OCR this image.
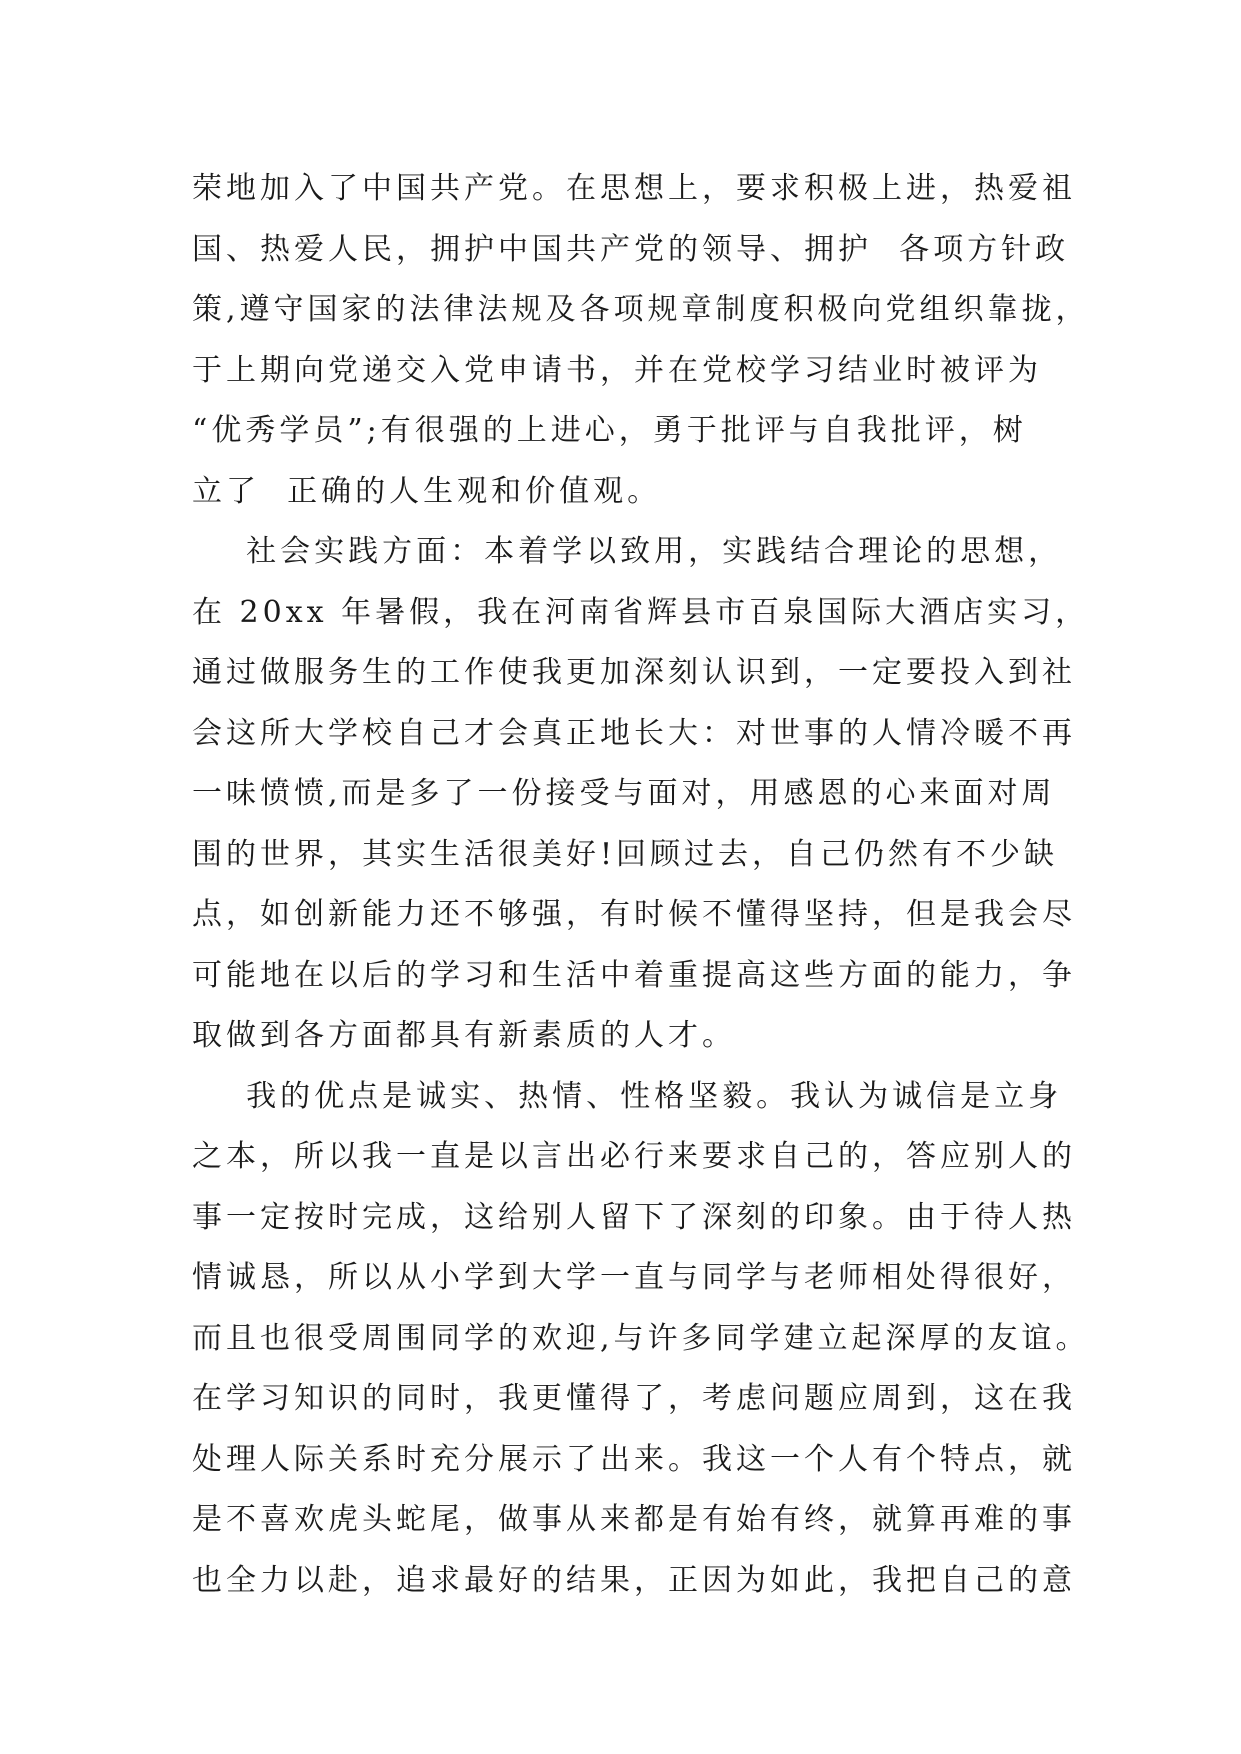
荣地加入了中国共产党。在思想上，要求积极上进，热爱祖
国、热爱人民，拥护中国共产党的领导、拥护  各项方针政
策,遵守国家的法律法规及各项规章制度积极向党组织靠拢，
于上期向党递交入党申请书，并在党校学习结业时被评为
“优秀学员”;有很强的上进心，勇于批评与自我批评，树
立了  正确的人生观和价值观。
社会实践方面：本着学以致用，实践结合理论的思想，
在 20xx 年暑假，我在河南省辉县市百泉国际大酒店实习，
通过做服务生的工作使我更加深刻认识到，一定要投入到社
会这所大学校自己才会真正地长大：对世事的人情冷暖不再
一味愤愤,而是多了一份接受与面对，用感恩的心来面对周
围的世界，其实生活很美好!回顾过去，自己仍然有不少缺
点，如创新能力还不够强，有时候不懂得坚持，但是我会尽
可能地在以后的学习和生活中着重提高这些方面的能力，争
取做到各方面都具有新素质的人才。
我的优点是诚实、热情、性格坚毅。我认为诚信是立身
之本，所以我一直是以言出必行来要求自己的，答应别人的
事一定按时完成，这给别人留下了深刻的印象。由于待人热
情诚恳，所以从小学到大学一直与同学与老师相处得很好，
而且也很受周围同学的欢迎,与许多同学建立起深厚的友谊。
在学习知识的同时，我更懂得了，考虑问题应周到，这在我
处理人际关系时充分展示了出来。我这一个人有个特点，就
是不喜欢虎头蛇尾，做事从来都是有始有终，就算再难的事
也全力以赴，追求最好的结果，正因为如此，我把自己的意
